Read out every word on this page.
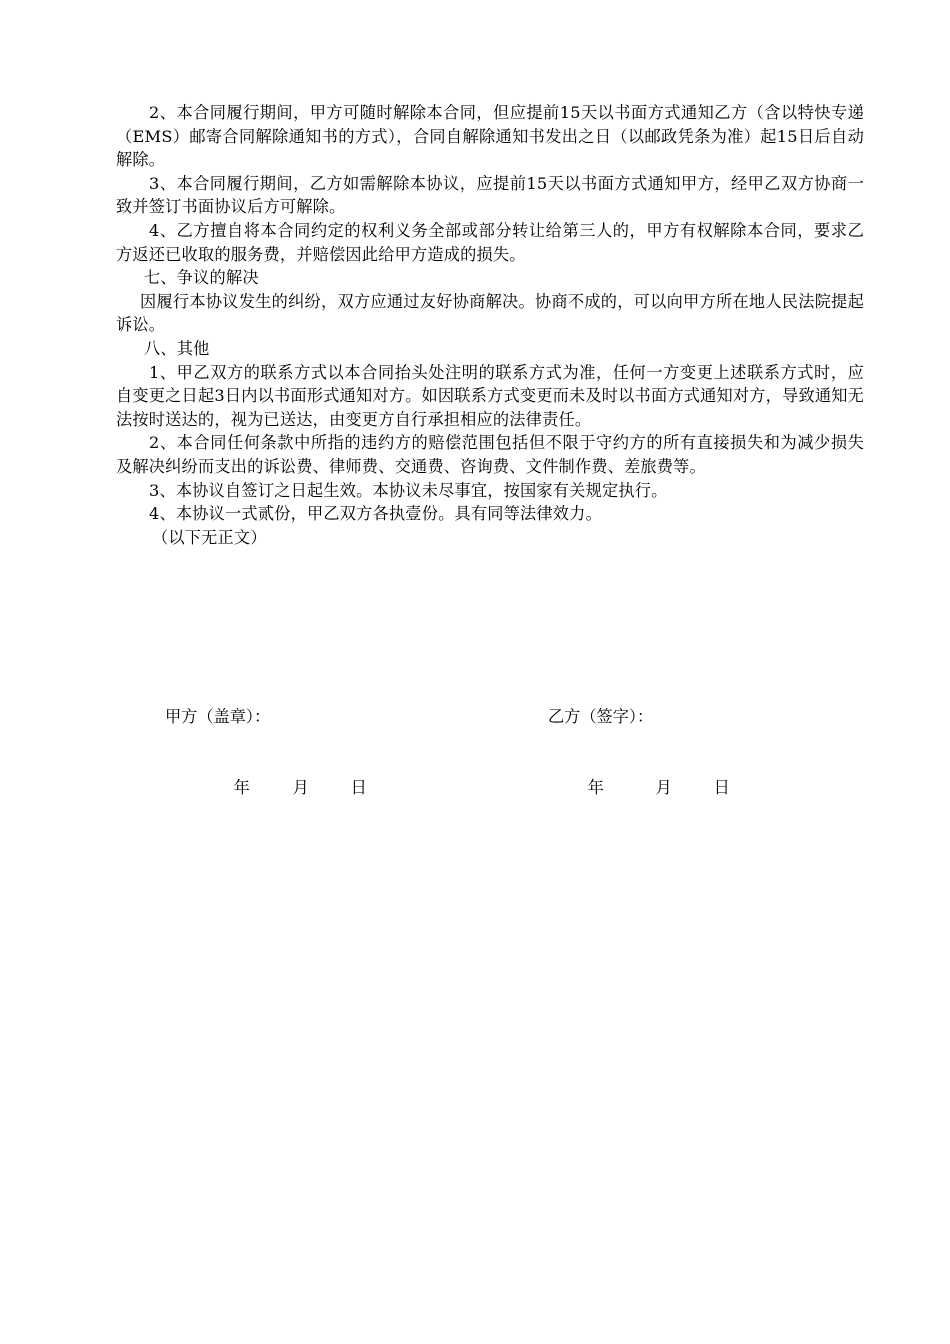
2、本合同履行期间，甲方可随时解除本合同，但应提前15天以书面方式通知乙方（含以特快专递（EMS）邮寄合同解除通知书的方式），合同自解除通知书发出之日（以邮政凭条为准）起15日后自动解除。

3、本合同履行期间，乙方如需解除本协议，应提前15天以书面方式通知甲方，经甲乙双方协商一致并签订书面协议后方可解除。

4、乙方擅自将本合同约定的权利义务全部或部分转让给第三人的，甲方有权解除本合同，要求乙方返还已收取的服务费，并赔偿因此给甲方造成的损失。

七、争议的解决

因履行本协议发生的纠纷，双方应通过友好协商解决。协商不成的，可以向甲方所在地人民法院提起诉讼。

八、其他

1、甲乙双方的联系方式以本合同抬头处注明的联系方式为准，任何一方变更上述联系方式时，应自变更之日起3日内以书面形式通知对方。如因联系方式变更而未及时以书面方式通知对方，导致通知无法按时送达的，视为已送达，由变更方自行承担相应的法律责任。

2、本合同任何条款中所指的违约方的赔偿范围包括但不限于守约方的所有直接损失和为减少损失及解决纠纷而支出的诉讼费、律师费、交通费、咨询费、文件制作费、差旅费等。

3、本协议自签订之日起生效。本协议未尽事宜，按国家有关规定执行。

4、本协议一式贰份，甲乙双方各执壹份。具有同等法律效力。

（以下无正文）

甲方（盖章）：	乙方（签字）：

年	月	日
	年	月	日
